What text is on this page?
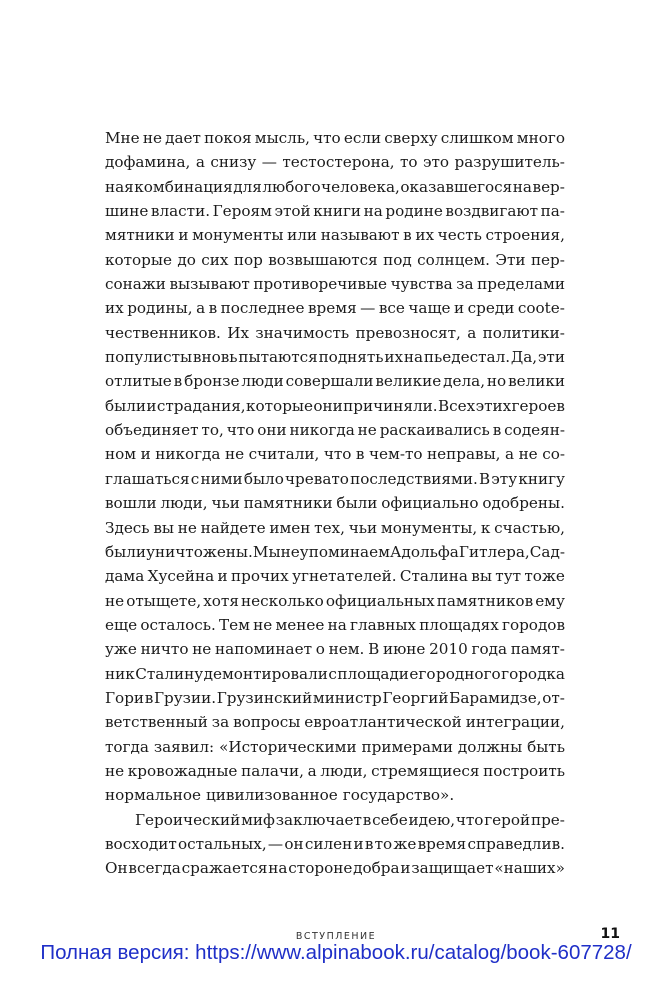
Мне не дает покоя мысль, что если сверху слишком много
дофамина, а снизу — тестостерона, то это разрушитель-
ная комбинация для любого человека, оказавшегося на вер-
шине власти. Героям этой книги на родине воздвигают па-
мятники и монументы или называют в их честь строения,
которые до сих пор возвышаются под солнцем. Эти пер-
сонажи вызывают противоречивые чувства за пределами
их родины, а в последнее время — все чаще и среди соote-
чественников. Их значимость превозносят, а политики-
популисты вновь пытаются поднять их на пьедестал. Да, эти
отлитые в бронзе люди совершали великие дела, но велики
были и страдания, которые они причиняли. Всех этих героев
объединяет то, что они никогда не раскаивались в содеян-
ном и никогда не считали, что в чем-то неправы, а не со-
глашаться с ними было чревато последствиями. В эту книгу
вошли люди, чьи памятники были официально одобрены.
Здесь вы не найдете имен тех, чьи монументы, к счастью,
были уничтожены. Мы не упоминаем Адольфа Гитлера, Сад-
дама Хусейна и прочих угнетателей. Сталина вы тут тоже
не отыщете, хотя несколько официальных памятников ему
еще осталось. Тем не менее на главных площадях городов
уже ничто не напоминает о нем. В июне 2010 года памят-
ник Сталину демонтировали с площади его родного городка
Гори в Грузии. Грузинский министр Георгий Барамидзе, от-
ветственный за вопросы евроатлантической интеграции,
тогда заявил: «Историческими примерами должны быть
не кровожадные палачи, а люди, стремящиеся построить
нормальное цивилизованное государство».
Героический миф заключает в себе идею, что герой пре-
восходит остальных, — он силен и в то же время справедлив.
Он всегда сражается на стороне добра и защищает «наших»
ВСТУПЛЕНИЕ	11
Полная версия: https://www.alpinabook.ru/catalog/book-607728/
